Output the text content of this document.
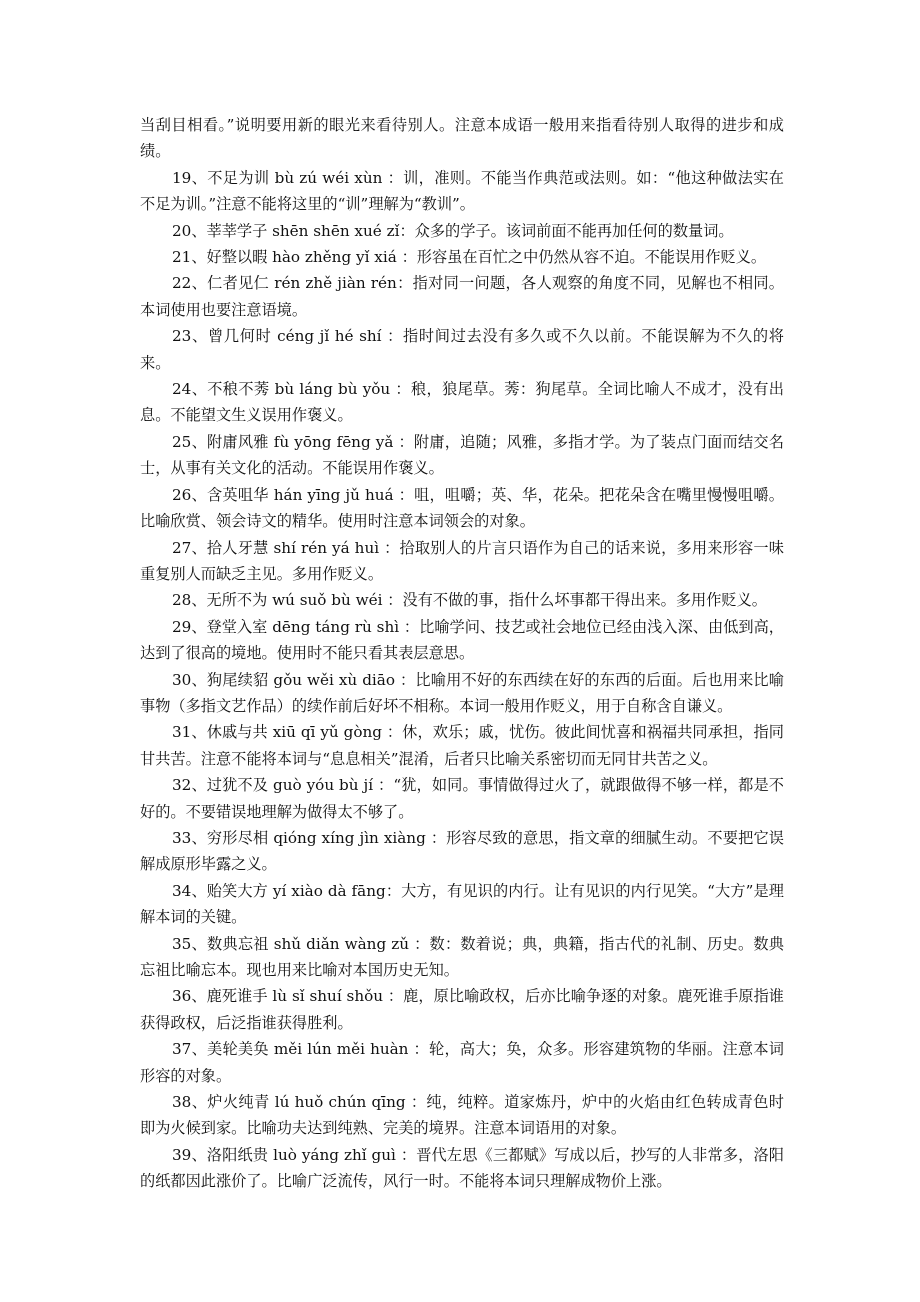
当刮目相看。”说明要用新的眼光来看待别人。注意本成语一般用来指看待别人取得的进步和成绩。

19、不足为训 bù zú wéi xùn ：训，准则。不能当作典范或法则。如：“他这种做法实在不足为训。”注意不能将这里的“训”理解为“教训”。

20、莘莘学子 shēn shēn xué zǐ：众多的学子。该词前面不能再加任何的数量词。

21、好整以暇 hào zhěng yǐ xiá ：形容虽在百忙之中仍然从容不迫。不能误用作贬义。

22、仁者见仁 rén zhě jiàn rén：指对同一问题，各人观察的角度不同，见解也不相同。本词使用也要注意语境。

23、曾几何时 céng jǐ hé shí ：指时间过去没有多久或不久以前。不能误解为不久的将来。

24、不稂不莠 bù láng bù yǒu ：稂，狼尾草。莠：狗尾草。全词比喻人不成才，没有出息。不能望文生义误用作褒义。

25、附庸风雅 fù yōng fēng yǎ ：附庸，追随；风雅，多指才学。为了装点门面而结交名士，从事有关文化的活动。不能误用作褒义。

26、含英咀华 hán yīng jǔ huá ：咀，咀嚼；英、华，花朵。把花朵含在嘴里慢慢咀嚼。比喻欣赏、领会诗文的精华。使用时注意本词领会的对象。

27、拾人牙慧 shí rén yá huì ：拾取别人的片言只语作为自己的话来说，多用来形容一味重复别人而缺乏主见。多用作贬义。

28、无所不为 wú suǒ bù wéi ：没有不做的事，指什么坏事都干得出来。多用作贬义。

29、登堂入室 dēng táng rù shì ：比喻学问、技艺或社会地位已经由浅入深、由低到高，达到了很高的境地。使用时不能只看其表层意思。

30、狗尾续貂 gǒu wěi xù diāo ：比喻用不好的东西续在好的东西的后面。后也用来比喻事物（多指文艺作品）的续作前后好坏不相称。本词一般用作贬义，用于自称含自谦义。

31、休戚与共 xiū qī yǔ gòng ：休，欢乐；戚，忧伤。彼此间忧喜和祸福共同承担，指同甘共苦。注意不能将本词与“息息相关”混淆，后者只比喻关系密切而无同甘共苦之义。

32、过犹不及 guò yóu bù jí ：“犹，如同。事情做得过火了，就跟做得不够一样，都是不好的。不要错误地理解为做得太不够了。

33、穷形尽相 qióng xíng jìn xiàng ：形容尽致的意思，指文章的细腻生动。不要把它误解成原形毕露之义。

34、贻笑大方 yí xiào dà fāng：大方，有见识的内行。让有见识的内行见笑。“大方”是理解本词的关键。

35、数典忘祖 shǔ diǎn wàng zǔ ：数：数着说；典，典籍，指古代的礼制、历史。数典忘祖比喻忘本。现也用来比喻对本国历史无知。

36、鹿死谁手 lù sǐ shuí shǒu ：鹿，原比喻政权，后亦比喻争逐的对象。鹿死谁手原指谁获得政权，后泛指谁获得胜利。

37、美轮美奂 měi lún měi huàn ：轮，高大；奂，众多。形容建筑物的华丽。注意本词形容的对象。

38、炉火纯青 lú huǒ chún qīng ：纯，纯粹。道家炼丹，炉中的火焰由红色转成青色时即为火候到家。比喻功夫达到纯熟、完美的境界。注意本词语用的对象。

39、洛阳纸贵 luò yáng zhǐ guì ：晋代左思《三都赋》写成以后，抄写的人非常多，洛阳的纸都因此涨价了。比喻广泛流传，风行一时。不能将本词只理解成物价上涨。
